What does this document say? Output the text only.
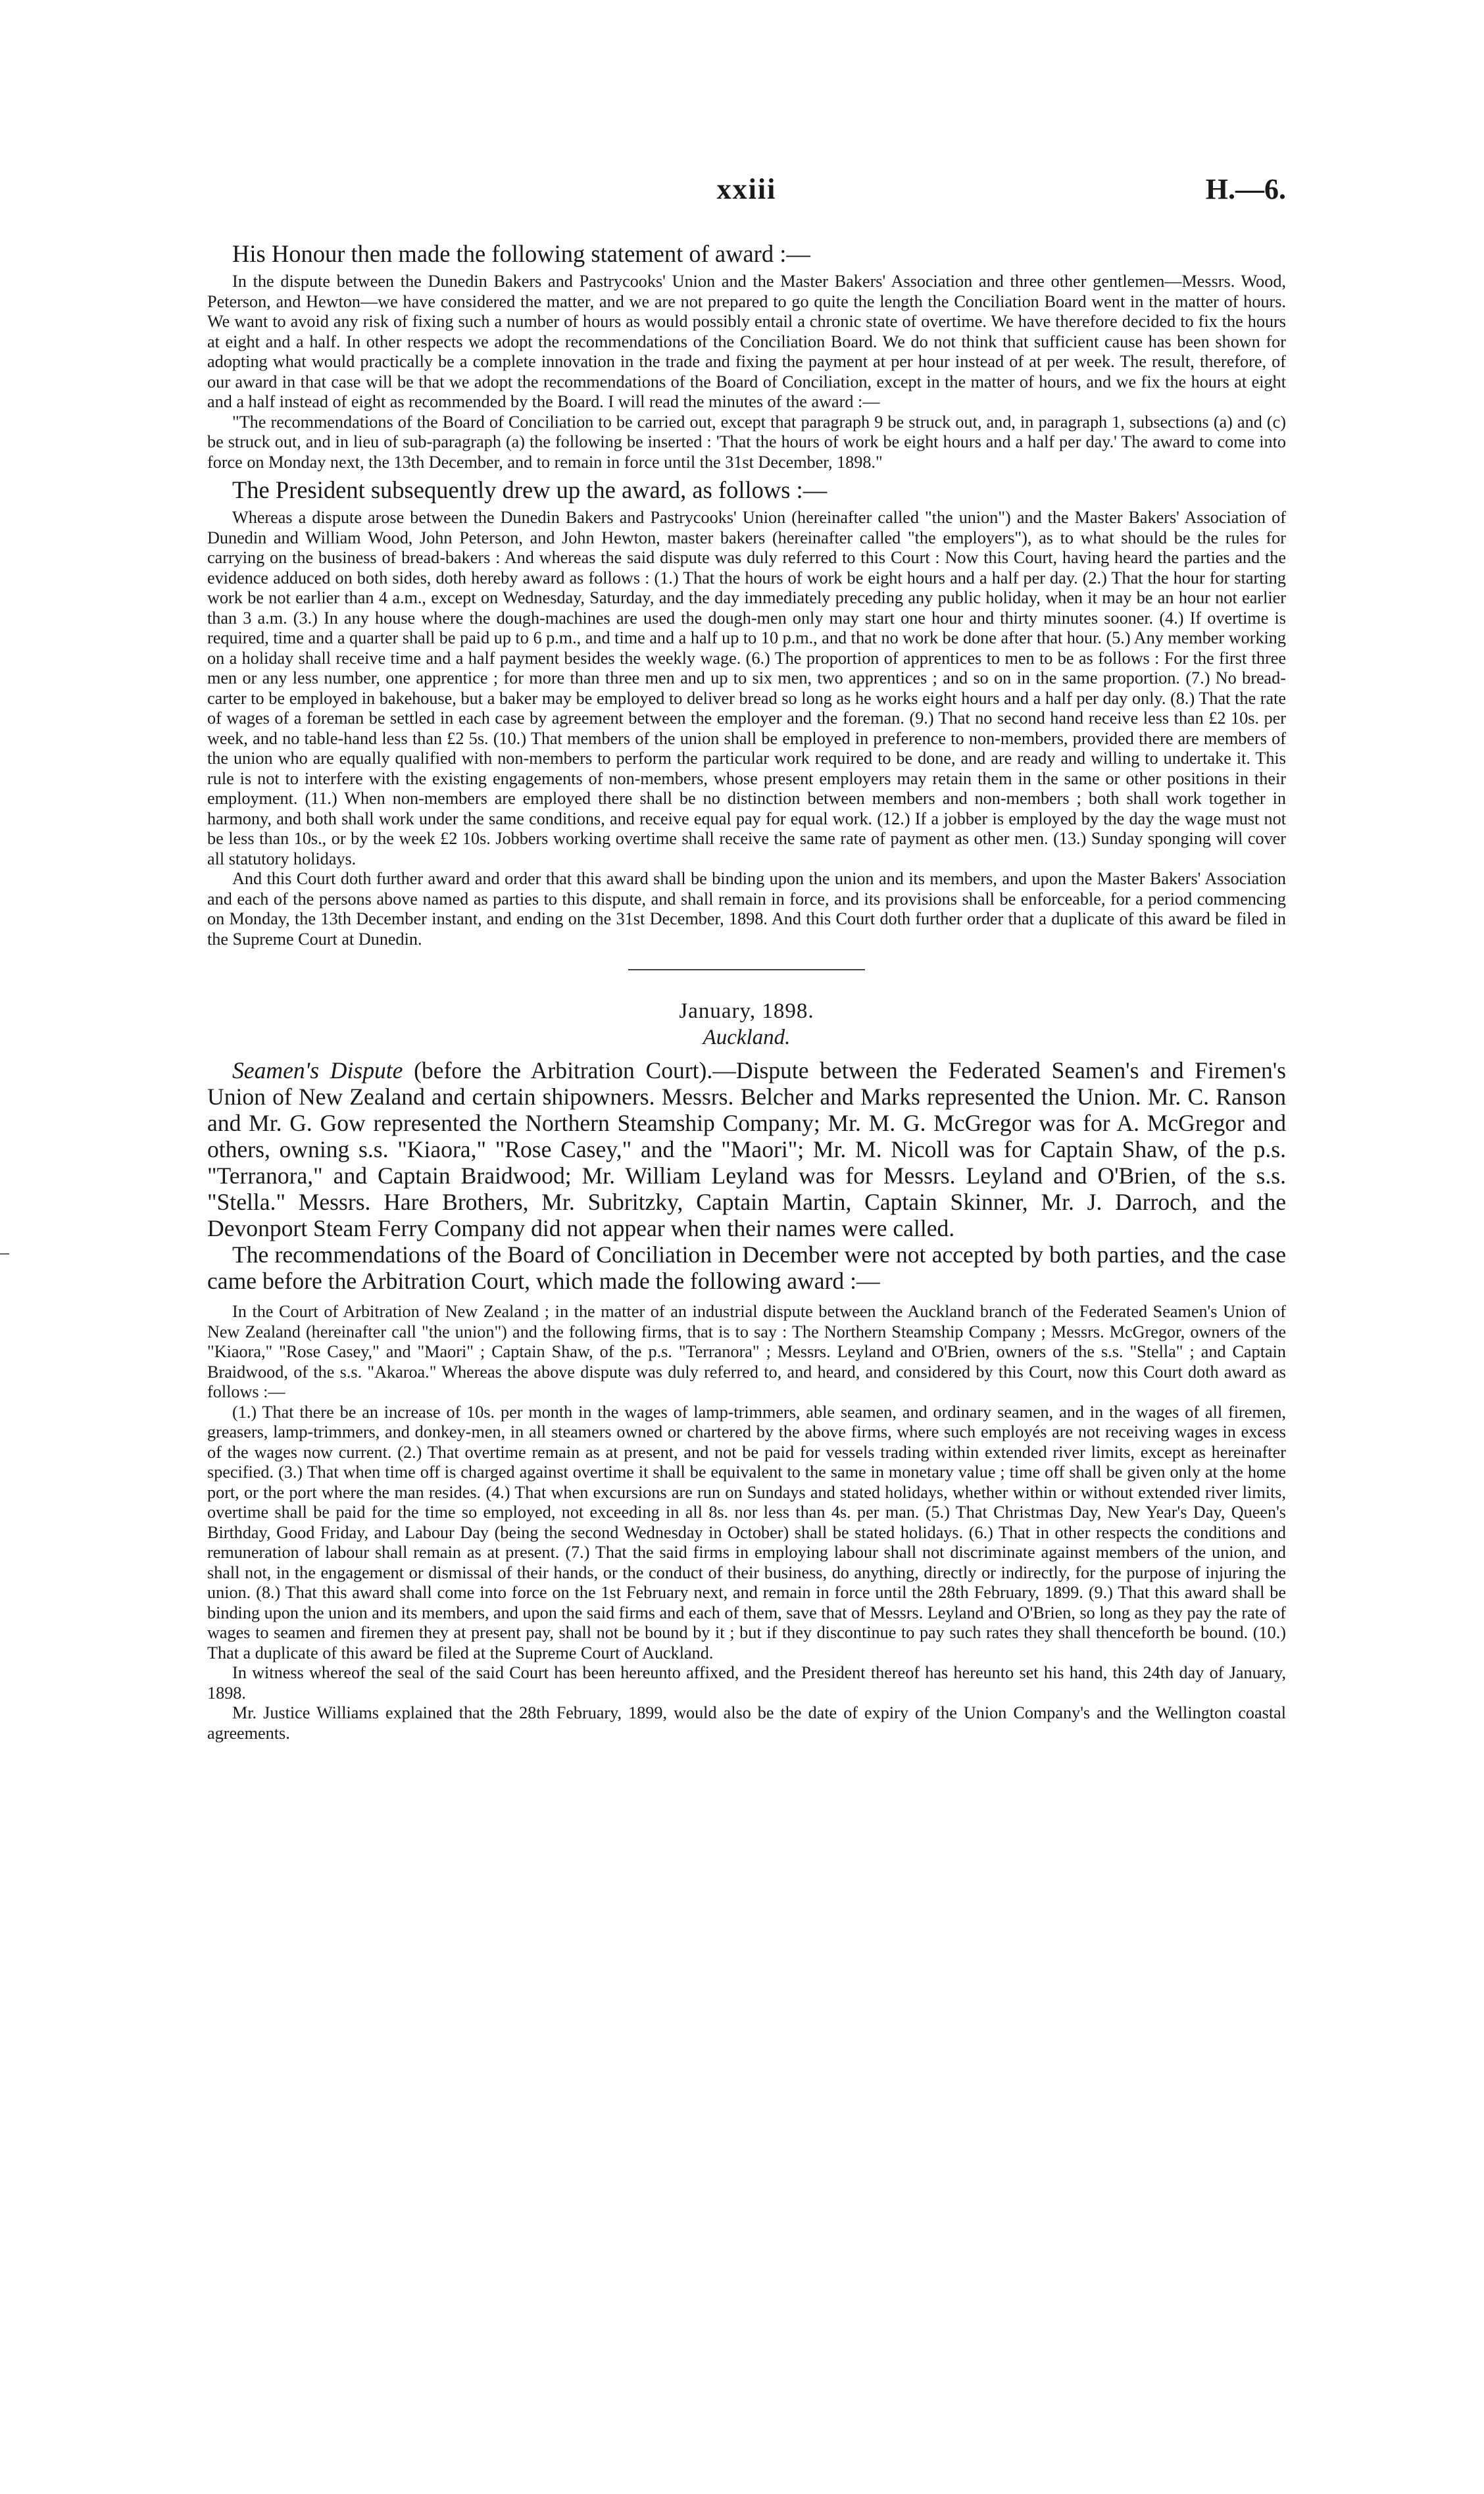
xxiii	H.—6.

His Honour then made the following statement of award :—

In the dispute between the Dunedin Bakers and Pastrycooks' Union and the Master Bakers' Association and three other gentlemen—Messrs. Wood, Peterson, and Hewton—we have considered the matter, and we are not prepared to go quite the length the Conciliation Board went in the matter of hours. We want to avoid any risk of fixing such a number of hours as would possibly entail a chronic state of overtime. We have therefore decided to fix the hours at eight and a half. In other respects we adopt the recommendations of the Conciliation Board. We do not think that sufficient cause has been shown for adopting what would practically be a complete innovation in the trade and fixing the payment at per hour instead of at per week. The result, therefore, of our award in that case will be that we adopt the recommendations of the Board of Conciliation, except in the matter of hours, and we fix the hours at eight and a half instead of eight as recommended by the Board. I will read the minutes of the award :—

"The recommendations of the Board of Conciliation to be carried out, except that paragraph 9 be struck out, and, in paragraph 1, subsections (a) and (c) be struck out, and in lieu of sub-paragraph (a) the following be inserted : 'That the hours of work be eight hours and a half per day.' The award to come into force on Monday next, the 13th December, and to remain in force until the 31st December, 1898."

The President subsequently drew up the award, as follows :—

Whereas a dispute arose between the Dunedin Bakers and Pastrycooks' Union (hereinafter called "the union") and the Master Bakers' Association of Dunedin and William Wood, John Peterson, and John Hewton, master bakers (hereinafter called "the employers"), as to what should be the rules for carrying on the business of bread-bakers : And whereas the said dispute was duly referred to this Court : Now this Court, having heard the parties and the evidence adduced on both sides, doth hereby award as follows : (1.) That the hours of work be eight hours and a half per day. (2.) That the hour for starting work be not earlier than 4 a.m., except on Wednesday, Saturday, and the day immediately preceding any public holiday, when it may be an hour not earlier than 3 a.m. (3.) In any house where the dough-machines are used the dough-men only may start one hour and thirty minutes sooner. (4.) If overtime is required, time and a quarter shall be paid up to 6 p.m., and time and a half up to 10 p.m., and that no work be done after that hour. (5.) Any member working on a holiday shall receive time and a half payment besides the weekly wage. (6.) The proportion of apprentices to men to be as follows : For the first three men or any less number, one apprentice ; for more than three men and up to six men, two apprentices ; and so on in the same proportion. (7.) No bread-carter to be employed in bakehouse, but a baker may be employed to deliver bread so long as he works eight hours and a half per day only. (8.) That the rate of wages of a foreman be settled in each case by agreement between the employer and the foreman. (9.) That no second hand receive less than £2 10s. per week, and no table-hand less than £2 5s. (10.) That members of the union shall be employed in preference to non-members, provided there are members of the union who are equally qualified with non-members to perform the particular work required to be done, and are ready and willing to undertake it. This rule is not to interfere with the existing engagements of non-members, whose present employers may retain them in the same or other positions in their employment. (11.) When non-members are employed there shall be no distinction between members and non-members ; both shall work together in harmony, and both shall work under the same conditions, and receive equal pay for equal work. (12.) If a jobber is employed by the day the wage must not be less than 10s., or by the week £2 10s. Jobbers working overtime shall receive the same rate of payment as other men. (13.) Sunday sponging will cover all statutory holidays.

And this Court doth further award and order that this award shall be binding upon the union and its members, and upon the Master Bakers' Association and each of the persons above named as parties to this dispute, and shall remain in force, and its provisions shall be enforceable, for a period commencing on Monday, the 13th December instant, and ending on the 31st December, 1898. And this Court doth further order that a duplicate of this award be filed in the Supreme Court at Dunedin.

January, 1898.

Auckland.

Seamen's Dispute (before the Arbitration Court).—Dispute between the Federated Seamen's and Firemen's Union of New Zealand and certain shipowners. Messrs. Belcher and Marks represented the Union. Mr. C. Ranson and Mr. G. Gow represented the Northern Steamship Company; Mr. M. G. McGregor was for A. McGregor and others, owning s.s. "Kiaora," "Rose Casey," and the "Maori"; Mr. M. Nicoll was for Captain Shaw, of the p.s. "Terranora," and Captain Braidwood; Mr. William Leyland was for Messrs. Leyland and O'Brien, of the s.s. "Stella." Messrs. Hare Brothers, Mr. Subritzky, Captain Martin, Captain Skinner, Mr. J. Darroch, and the Devonport Steam Ferry Company did not appear when their names were called.

The recommendations of the Board of Conciliation in December were not accepted by both parties, and the case came before the Arbitration Court, which made the following award :—

In the Court of Arbitration of New Zealand ; in the matter of an industrial dispute between the Auckland branch of the Federated Seamen's Union of New Zealand (hereinafter call "the union") and the following firms, that is to say : The Northern Steamship Company ; Messrs. McGregor, owners of the "Kiaora," "Rose Casey," and "Maori" ; Captain Shaw, of the p.s. "Terranora" ; Messrs. Leyland and O'Brien, owners of the s.s. "Stella" ; and Captain Braidwood, of the s.s. "Akaroa." Whereas the above dispute was duly referred to, and heard, and considered by this Court, now this Court doth award as follows :—

(1.) That there be an increase of 10s. per month in the wages of lamp-trimmers, able seamen, and ordinary seamen, and in the wages of all firemen, greasers, lamp-trimmers, and donkey-men, in all steamers owned or chartered by the above firms, where such employés are not receiving wages in excess of the wages now current. (2.) That overtime remain as at present, and not be paid for vessels trading within extended river limits, except as hereinafter specified. (3.) That when time off is charged against overtime it shall be equivalent to the same in monetary value ; time off shall be given only at the home port, or the port where the man resides. (4.) That when excursions are run on Sundays and stated holidays, whether within or without extended river limits, overtime shall be paid for the time so employed, not exceeding in all 8s. nor less than 4s. per man. (5.) That Christmas Day, New Year's Day, Queen's Birthday, Good Friday, and Labour Day (being the second Wednesday in October) shall be stated holidays. (6.) That in other respects the conditions and remuneration of labour shall remain as at present. (7.) That the said firms in employing labour shall not discriminate against members of the union, and shall not, in the engagement or dismissal of their hands, or the conduct of their business, do anything, directly or indirectly, for the purpose of injuring the union. (8.) That this award shall come into force on the 1st February next, and remain in force until the 28th February, 1899. (9.) That this award shall be binding upon the union and its members, and upon the said firms and each of them, save that of Messrs. Leyland and O'Brien, so long as they pay the rate of wages to seamen and firemen they at present pay, shall not be bound by it ; but if they discontinue to pay such rates they shall thenceforth be bound. (10.) That a duplicate of this award be filed at the Supreme Court of Auckland.

In witness whereof the seal of the said Court has been hereunto affixed, and the President thereof has hereunto set his hand, this 24th day of January, 1898.

Mr. Justice Williams explained that the 28th February, 1899, would also be the date of expiry of the Union Company's and the Wellington coastal agreements.
